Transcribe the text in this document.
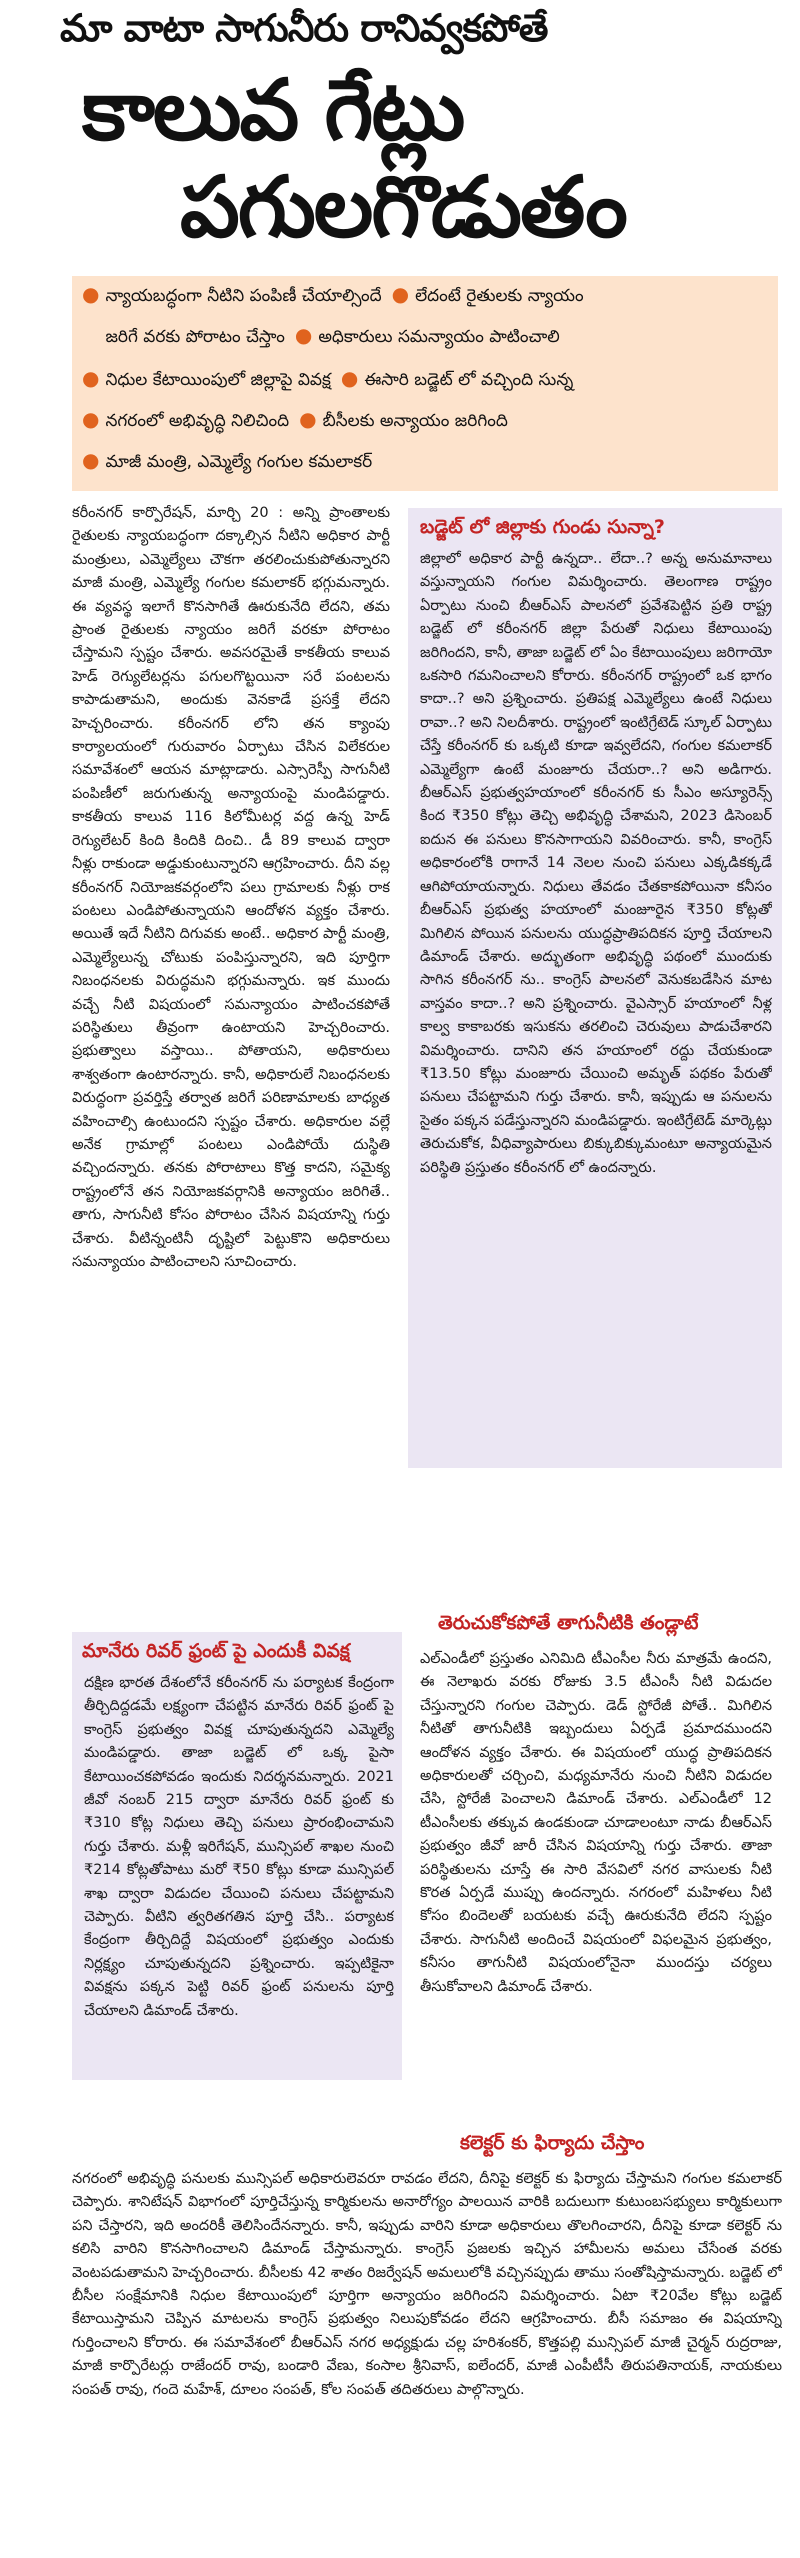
మా వాటా సాగునీరు రానివ్వకపోతే
కాలువ గేట్లు
పగులగొడుతం
● న్యాయబద్ధంగా నీటిని పంపిణీ చేయాల్సిందే ● లేదంటే రైతులకు న్యాయం
జరిగే వరకు పోరాటం చేస్తాం ● అధికారులు సమన్యాయం పాటించాలి
● నిధుల కేటాయింపులో జిల్లాపై వివక్ష ● ఈసారి బడ్జెట్ లో వచ్చింది సున్న
● నగరంలో అభివృద్ధి నిలిచింది ● బీసీలకు అన్యాయం జరిగింది
● మాజీ మంత్రి, ఎమ్మెల్యే గంగుల కమలాకర్

కరీంనగర్ కార్పొరేషన్, మార్చి 20 : అన్ని ప్రాంతాలకు రైతులకు న్యాయబద్ధంగా దక్కాల్సిన నీటిని అధికార పార్టీ మంత్రులు, ఎమ్మెల్యేలు చౌకగా తరలించుకుపోతున్నారని మాజీ మంత్రి, ఎమ్మెల్యే గంగుల కమలాకర్ భగ్గుమన్నారు. ఈ వ్యవస్థ ఇలాగే కొనసాగితే ఊరుకునేది లేదని, తమ ప్రాంత రైతులకు న్యాయం జరిగే వరకూ పోరాటం చేస్తామని స్పష్టం చేశారు. అవసరమైతే కాకతీయ కాలువ హెడ్ రెగ్యులేటర్లను పగులగొట్టయినా సరే పంటలను కాపాడుతామని, అందుకు వెనకాడే ప్రసక్తే లేదని హెచ్చరించారు. కరీంనగర్ లోని తన క్యాంపు కార్యాలయంలో గురువారం ఏర్పాటు చేసిన విలేకరుల సమావేశంలో ఆయన మాట్లాడారు. ఎస్సారెస్పీ సాగునీటి పంపిణీలో జరుగుతున్న అన్యాయంపై మండిపడ్డారు. కాకతీయ కాలువ 116 కిలోమీటర్ల వద్ద ఉన్న హెడ్ రెగ్యులేటర్ కింది కిందికి దించి.. డీ 89 కాలువ ద్వారా నీళ్లు రాకుండా అడ్డుకుంటున్నారని ఆగ్రహించారు. దీని వల్ల కరీంనగర్ నియోజకవర్గంలోని పలు గ్రామాలకు నీళ్లు రాక పంటలు ఎండిపోతున్నాయని ఆందోళన వ్యక్తం చేశారు. అయితే ఇదే నీటిని దిగువకు అంటే.. అధికార పార్టీ మంత్రి, ఎమ్మెల్యేలున్న చోటుకు పంపిస్తున్నారని, ఇది పూర్తిగా నిబంధనలకు విరుద్ధమని భగ్గుమన్నారు. ఇక ముందు వచ్చే నీటి విషయంలో సమన్యాయం పాటించకపోతే పరిస్థితులు తీవ్రంగా ఉంటాయని హెచ్చరించారు. ప్రభుత్వాలు వస్తాయి.. పోతాయని, అధికారులు శాశ్వతంగా ఉంటారన్నారు. కానీ, అధికారులే నిబంధనలకు విరుద్ధంగా ప్రవర్తిస్తే తర్వాత జరిగే పరిణామాలకు బాధ్యత వహించాల్సి ఉంటుందని స్పష్టం చేశారు. అధికారుల వల్లే అనేక గ్రామాల్లో పంటలు ఎండిపోయే దుస్థితి వచ్చిందన్నారు. తనకు పోరాటాలు కొత్త కాదని, సమైక్య రాష్ట్రంలోనే తన నియోజకవర్గానికి అన్యాయం జరిగితే.. తాగు, సాగునీటి కోసం పోరాటం చేసిన విషయాన్ని గుర్తు చేశారు. వీటిన్నంటినీ దృష్టిలో పెట్టుకొని అధికారులు సమన్యాయం పాటించాలని సూచించారు.

బడ్జెట్ లో జిల్లాకు గుండు సున్నా?

జిల్లాలో అధికార పార్టీ ఉన్నదా.. లేదా..? అన్న అనుమానాలు వస్తున్నాయని గంగుల విమర్శించారు. తెలంగాణ రాష్ట్రం ఏర్పాటు నుంచి బీఆర్ఎస్ పాలనలో ప్రవేశపెట్టిన ప్రతి రాష్ట్ర బడ్జెట్ లో కరీంనగర్ జిల్లా పేరుతో నిధులు కేటాయింపు జరిగిందని, కానీ, తాజా బడ్జెట్ లో ఏం కేటాయింపులు జరిగాయో ఒకసారి గమనించాలని కోరారు. కరీంనగర్ రాష్ట్రంలో ఒక భాగం కాదా..? అని ప్రశ్నించారు. ప్రతిపక్ష ఎమ్మెల్యేలు ఉంటే నిధులు రావా..? అని నిలదీశారు. రాష్ట్రంలో ఇంటిగ్రేటెడ్ స్కూల్ ఏర్పాటు చేస్తే కరీంనగర్ కు ఒక్కటి కూడా ఇవ్వలేదని, గంగుల కమలాకర్ ఎమ్మెల్యేగా ఉంటే మంజూరు చేయరా..? అని అడిగారు. బీఆర్ఎస్ ప్రభుత్వహయాంలో కరీంనగర్ కు సీఎం అస్యూరెన్స్ కింద ₹350 కోట్లు తెచ్చి అభివృద్ధి చేశామని, 2023 డిసెంబర్ ఐదున ఈ పనులు కొనసాగాయని వివరించారు. కానీ, కాంగ్రెస్ అధికారంలోకి రాగానే 14 నెలల నుంచి పనులు ఎక్కడికక్కడే ఆగిపోయాయన్నారు. నిధులు తేవడం చేతకాకపోయినా కనీసం బీఆర్ఎస్ ప్రభుత్వ హయాంలో మంజూరైన ₹350 కోట్లతో మిగిలిన పోయిన పనులను యుద్ధప్రాతిపదికన పూర్తి చేయాలని డిమాండ్ చేశారు. అద్భుతంగా అభివృద్ధి పథంలో ముందుకు సాగిన కరీంనగర్ ను.. కాంగ్రెస్ పాలనలో వెనుకబడేసిన మాట వాస్తవం కాదా..? అని ప్రశ్నించారు. వైఎస్సార్ హయాంలో నీళ్ల కాల్వ కాకాబరకు ఇసుకను తరలించి చెరువులు పాడుచేశారని విమర్శించారు. దానిని తన హయాంలో రద్దు చేయకుండా ₹13.50 కోట్లు మంజూరు చేయించి అమృత్ పథకం పేరుతో పనులు చేపట్టామని గుర్తు చేశారు. కానీ, ఇప్పుడు ఆ పనులను సైతం పక్కన పడేస్తున్నారని మండిపడ్డారు. ఇంటిగ్రేటెడ్ మార్కెట్లు తెరుచుకోక, వీధివ్యాపారులు బిక్కుబిక్కుమంటూ అన్యాయమైన పరిస్థితి ప్రస్తుతం కరీంనగర్ లో ఉందన్నారు.

మానేరు రివర్ ఫ్రంట్ పై ఎందుకీ వివక్ష

దక్షిణ భారత దేశంలోనే కరీంనగర్ ను పర్యాటక కేంద్రంగా తీర్చిదిద్దడమే లక్ష్యంగా చేపట్టిన మానేరు రివర్ ఫ్రంట్ పై కాంగ్రెస్ ప్రభుత్వం వివక్ష చూపుతున్నదని ఎమ్మెల్యే మండిపడ్డారు. తాజా బడ్జెట్ లో ఒక్క పైసా కేటాయించకపోవడం ఇందుకు నిదర్శనమన్నారు. 2021 జీవో నంబర్ 215 ద్వారా మానేరు రివర్ ఫ్రంట్ కు ₹310 కోట్ల నిధులు తెచ్చి పనులు ప్రారంభించామని గుర్తు చేశారు. మళ్లీ ఇరిగేషన్, మున్సిపల్ శాఖల నుంచి ₹214 కోట్లతోపాటు మరో ₹50 కోట్లు కూడా మున్సిపల్ శాఖ ద్వారా విడుదల చేయించి పనులు చేపట్టామని చెప్పారు. వీటిని త్వరితగతిన పూర్తి చేసి.. పర్యాటక కేంద్రంగా తీర్చిదిద్దే విషయంలో ప్రభుత్వం ఎందుకు నిర్లక్ష్యం చూపుతున్నదని ప్రశ్నించారు. ఇప్పటికైనా వివక్షను పక్కన పెట్టి రివర్ ఫ్రంట్ పనులను పూర్తి చేయాలని డిమాండ్ చేశారు.

తెరుచుకోకపోతే తాగునీటికి తండ్లాటే

ఎల్ఎండీలో ప్రస్తుతం ఎనిమిది టీఎంసీల నీరు మాత్రమే ఉందని, ఈ నెలాఖరు వరకు రోజుకు 3.5 టీఎంసీ నీటి విడుదల చేస్తున్నారని గంగుల చెప్పారు. డెడ్ స్టోరేజీ పోతే.. మిగిలిన నీటితో తాగునీటికి ఇబ్బందులు ఏర్పడే ప్రమాదముందని ఆందోళన వ్యక్తం చేశారు. ఈ విషయంలో యుద్ధ ప్రాతిపదికన అధికారులతో చర్చించి, మధ్యమానేరు నుంచి నీటిని విడుదల చేసి, స్టోరేజీ పెంచాలని డిమాండ్ చేశారు. ఎల్ఎండీలో 12 టీఎంసీలకు తక్కువ ఉండకుండా చూడాలంటూ నాడు బీఆర్ఎస్ ప్రభుత్వం జీవో జారీ చేసిన విషయాన్ని గుర్తు చేశారు. తాజా పరిస్థితులను చూస్తే ఈ సారి వేసవిలో నగర వాసులకు నీటి కొరత ఏర్పడే ముప్పు ఉందన్నారు. నగరంలో మహిళలు నీటి కోసం బిందెలతో బయటకు వచ్చే ఊరుకునేది లేదని స్పష్టం చేశారు. సాగునీటి అందించే విషయంలో విఫలమైన ప్రభుత్వం, కనీసం తాగునీటి విషయంలోనైనా ముందస్తు చర్యలు తీసుకోవాలని డిమాండ్ చేశారు.

కలెక్టర్ కు ఫిర్యాదు చేస్తాం

నగరంలో అభివృద్ధి పనులకు మున్సిపల్ అధికారులెవరూ రావడం లేదని, దీనిపై కలెక్టర్ కు ఫిర్యాదు చేస్తామని గంగుల కమలాకర్ చెప్పారు. శానిటేషన్ విభాగంలో పూర్తిచేస్తున్న కార్మికులను అనారోగ్యం పాలయిన వారికి బదులుగా కుటుంబసభ్యులు కార్మికులుగా పని చేస్తారని, ఇది అందరికీ తెలిసిందేనన్నారు. కానీ, ఇప్పుడు వారిని కూడా అధికారులు తొలగించారని, దీనిపై కూడా కలెక్టర్ ను కలిసి వారిని కొనసాగించాలని డిమాండ్ చేస్తామన్నారు. కాంగ్రెస్ ప్రజలకు ఇచ్చిన హామీలను అమలు చేసేంత వరకు వెంటపడుతామని హెచ్చరించారు. బీసీలకు 42 శాతం రిజర్వేషన్ అమలులోకి వచ్చినప్పుడు తాము సంతోషిస్తామన్నారు. బడ్జెట్ లో బీసీల సంక్షేమానికి నిధుల కేటాయింపులో పూర్తిగా అన్యాయం జరిగిందని విమర్శించారు. ఏటా ₹20వేల కోట్లు బడ్జెట్ కేటాయిస్తామని చెప్పిన మాటలను కాంగ్రెస్ ప్రభుత్వం నిలుపుకోవడం లేదని ఆగ్రహించారు. బీసీ సమాజం ఈ విషయాన్ని గుర్తించాలని కోరారు. ఈ సమావేశంలో బీఆర్ఎస్ నగర అధ్యక్షుడు చల్ల హరిశంకర్, కొత్తపల్లి మున్సిపల్ మాజీ చైర్మన్ రుద్రరాజు, మాజీ కార్పొరేటర్లు రాజేందర్ రావు, బండారి వేణు, కంసాల శ్రీనివాస్, ఐలేందర్, మాజీ ఎంపీటీసీ తిరుపతినాయక్, నాయకులు సంపత్ రావు, గందె మహేశ్, దూలం సంపత్, కోల సంపత్ తదితరులు పాల్గొన్నారు.
